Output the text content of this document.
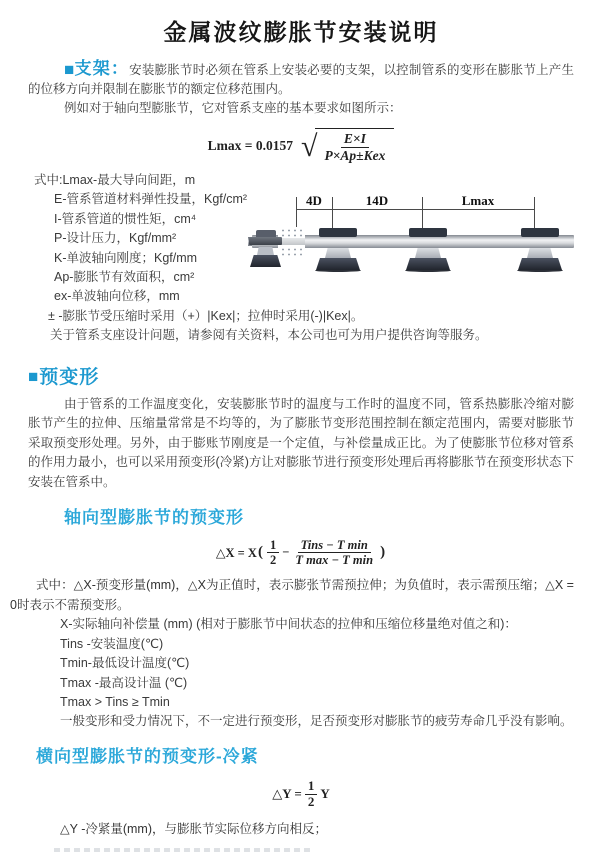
金属波纹膨胀节安装说明

■支架：安装膨胀节时必须在管系上安装必要的支架，以控制管系的变形在膨胀节上产生的位移方向并限制在膨胀节的额定位移范围内。

例如对于轴向型膨胀节，它对管系支座的基本要求如图所示：

Lmax = 0.0157 √ $\frac{E\times I}{\text{P×Ap±Kex}}$
式中:Lmax-最大导向间距，m
E-管系管道材料弹性投量，Kgf/cm²
I-管系管道的惯性矩，cm⁴
P-设计压力，Kgf/mm²
K-单波轴向刚度；Kgf/mm
Ap-膨胀节有效面积，cm²
ex-单波轴向位移，mm
± -膨胀节受压缩时采用（+）|Kex|；拉伸时采用(-)|Kex|。
关于管系支座设计问题，请参阅有关资料，本公司也可为用户提供咨询等服务。
4D	14D	Lmax
■预变形

由于管系的工作温度变化，安装膨胀节时的温度与工作时的温度不同，管系热膨胀冷缩对膨胀节产生的拉伸、压缩量常常是不均等的，为了膨胀节变形范围控制在额定范围内，需要对膨胀节采取预变形处理。另外，由于膨账节刚度是一个定值，与补偿量成正比。为了使膨胀节位移对管系的作用力最小，也可以采用预变形(冷紧)方让对膨胀节进行预变形处理后再将膨胀节在预变形状态下安装在管系中。

轴向型膨胀节的预变形
△X = X ( $\frac{1}{2} - \frac{\text{Tins − T min}}{\text{T max − T min}}$ )

式中：△X-预变形量(mm)，△X为正值时，表示膨张节需预拉伸；为负值时，表示需预压缩；△X = 0时表示不需预变形。

X-实际轴向补偿量 (mm) (相对于膨胀节中间状态的拉伸和压缩位移量绝对值之和)：
Tins -安装温度(℃)
Tmin-最低设计温度(℃)
Tmax -最高设计温 (℃)
Tmax > Tins ≥ Tmin
一般变形和受力情况下，不一定进行预变形，足否预变形对膨胀节的疲劳寿命几乎没有影响。
横向型膨胀节的预变形-冷紧
△Y = $\frac{1}{2}$ Y
△Y -冷紧量(mm)，与膨胀节实际位移方向相反；
